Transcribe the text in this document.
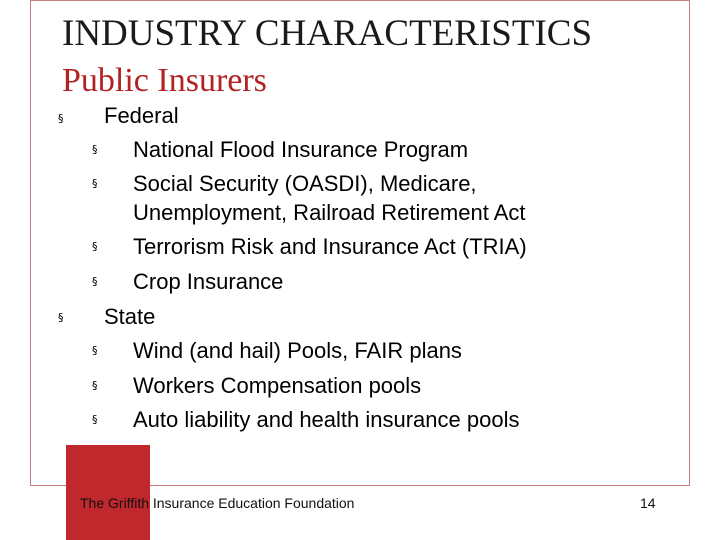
INDUSTRY CHARACTERISTICS
Public Insurers
§ Federal
§ National Flood Insurance Program
§ Social Security (OASDI), Medicare,
Unemployment, Railroad Retirement Act
§ Terrorism Risk and Insurance Act (TRIA)
§ Crop Insurance
§ State
§ Wind (and hail) Pools, FAIR plans
§ Workers Compensation pools
§ Auto liability and health insurance pools
The Griffith Insurance Education Foundation	14
